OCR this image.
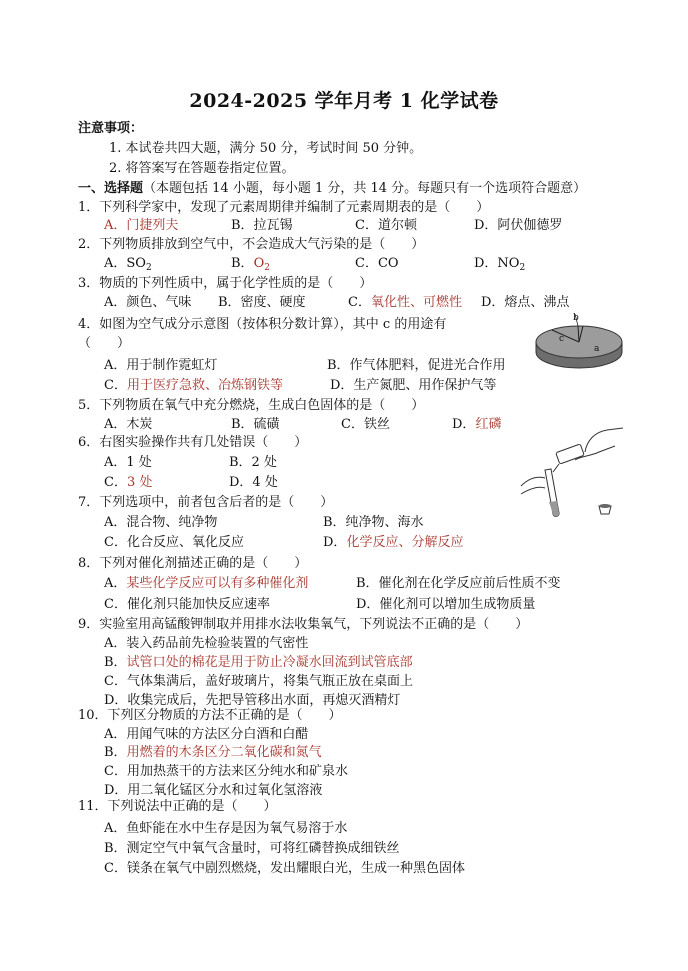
2024-2025 学年月考 1 化学试卷
注意事项：
1. 本试卷共四大题，满分 50 分，考试时间 50 分钟。
2. 将答案写在答题卷指定位置。
一、选择题（本题包括 14 小题，每小题 1 分，共 14 分。每题只有一个选项符合题意）
1．下列科学家中，发现了元素周期律并编制了元素周期表的是（　　）
A．门捷列夫	B．拉瓦锡	C．道尔顿	D．阿伏伽德罗
2．下列物质排放到空气中，不会造成大气污染的是（　　）
A．$SO_2$	B．$O_2$	C．CO	D．$NO_2$
3．物质的下列性质中，属于化学性质的是（　　）
A．颜色、气味 B．密度、硬度	C．氧化性、可燃性 D．熔点、沸点
4．如图为空气成分示意图（按体积分数计算），其中 c 的用途有
（　　）
A．用于制作霓虹灯	B．作气体肥料，促进光合作用
C．用于医疗急救、冶炼钢铁等	D．生产氮肥、用作保护气等
b
c
a
5．下列物质在氧气中充分燃烧，生成白色固体的是（　　）
A．木炭	B．硫磺	C．铁丝	D．红磷
6．右图实验操作共有几处错误（　　）
A．1 处	B．2 处
C．3 处	D．4 处
7．下列选项中，前者包含后者的是（　　）
A．混合物、纯净物	B．纯净物、海水
C．化合反应、氧化反应	D．化学反应、分解反应
8．下列对催化剂描述正确的是（　　）
A．某些化学反应可以有多种催化剂	B．催化剂在化学反应前后性质不变
C．催化剂只能加快反应速率	D．催化剂可以增加生成物质量
9．实验室用高锰酸钾制取并用排水法收集氧气，下列说法不正确的是（　　）
A．装入药品前先检验装置的气密性
B．试管口处的棉花是用于防止冷凝水回流到试管底部
C．气体集满后，盖好玻璃片，将集气瓶正放在桌面上
D．收集完成后，先把导管移出水面，再熄灭酒精灯
10．下列区分物质的方法不正确的是（　　）
A．用闻气味的方法区分白酒和白醋
B．用燃着的木条区分二氧化碳和氮气
C．用加热蒸干的方法来区分纯水和矿泉水
D．用二氧化锰区分水和过氧化氢溶液
11．下列说法中正确的是（　　）
A．鱼虾能在水中生存是因为氧气易溶于水
B．测定空气中氧气含量时，可将红磷替换成细铁丝
C．镁条在氧气中剧烈燃烧，发出耀眼白光，生成一种黑色固体
